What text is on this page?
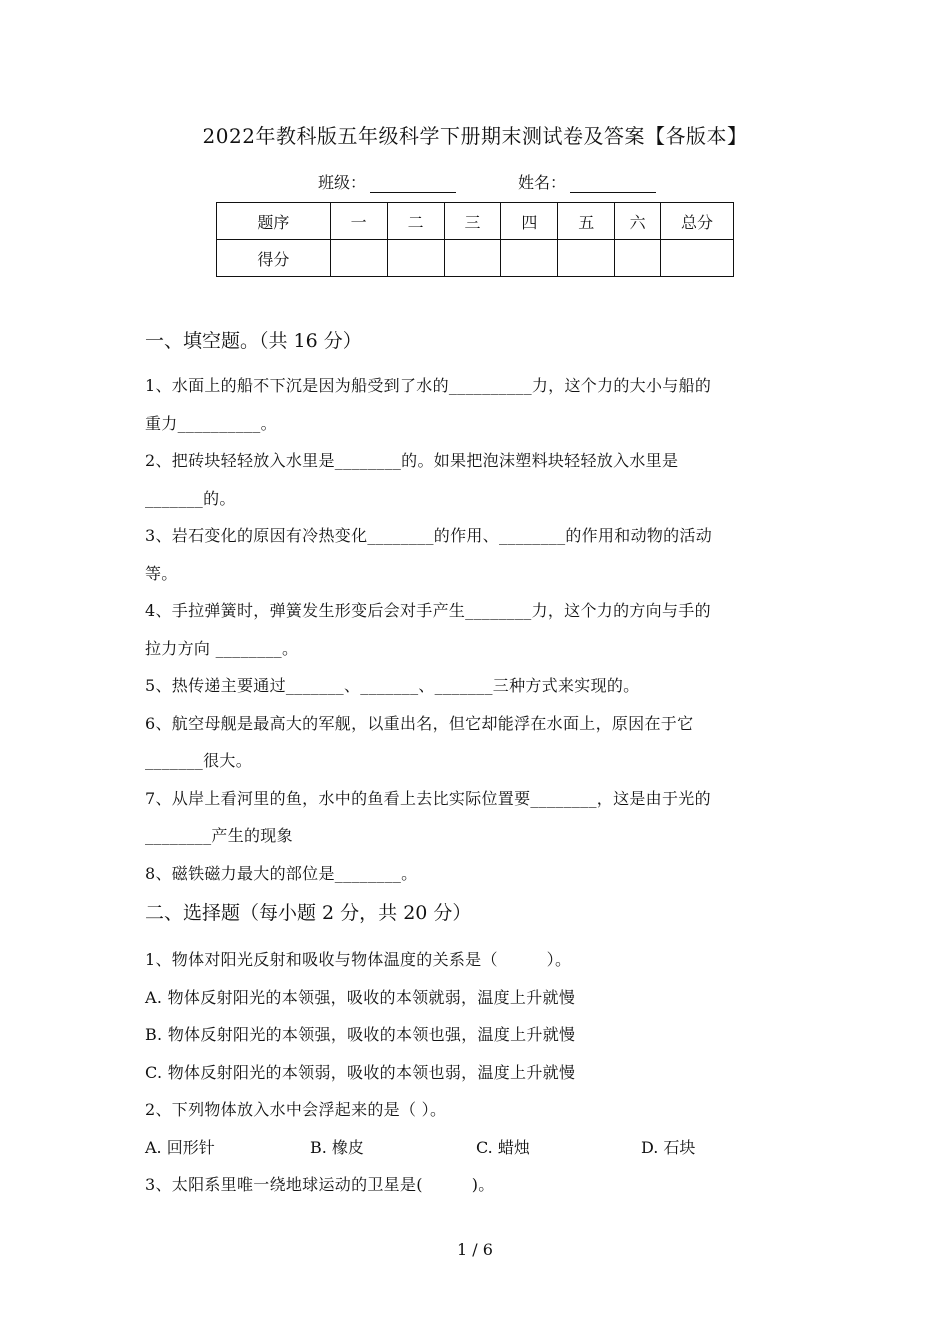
2022年教科版五年级科学下册期末测试卷及答案【各版本】
班级：	姓名：
题序	一	二	三	四	五	六	总分
得分							
一、填空题。（共 16 分）
1、水面上的船不下沉是因为船受到了水的__________力，这个力的大小与船的
重力__________。
2、把砖块轻轻放入水里是________的。如果把泡沫塑料块轻轻放入水里是
_______的。
3、岩石变化的原因有冷热变化________的作用、________的作用和动物的活动
等。
4、手拉弹簧时，弹簧发生形变后会对手产生________力，这个力的方向与手的
拉力方向 ________。
5、热传递主要通过_______、_______、_______三种方式来实现的。
6、航空母舰是最高大的军舰，以重出名，但它却能浮在水面上，原因在于它
_______很大。
7、从岸上看河里的鱼，水中的鱼看上去比实际位置要________，这是由于光的
________产生的现象
8、磁铁磁力最大的部位是________。
二、选择题（每小题 2 分，共 20 分）
1、物体对阳光反射和吸收与物体温度的关系是（　　　）。
A. 物体反射阳光的本领强，吸收的本领就弱，温度上升就慢
B. 物体反射阳光的本领强，吸收的本领也强，温度上升就慢
C. 物体反射阳光的本领弱，吸收的本领也弱，温度上升就慢
2、下列物体放入水中会浮起来的是（ ）。
A. 回形针	B. 橡皮	C. 蜡烛	D. 石块
3、太阳系里唯一绕地球运动的卫星是(　　　)。
1 / 6
